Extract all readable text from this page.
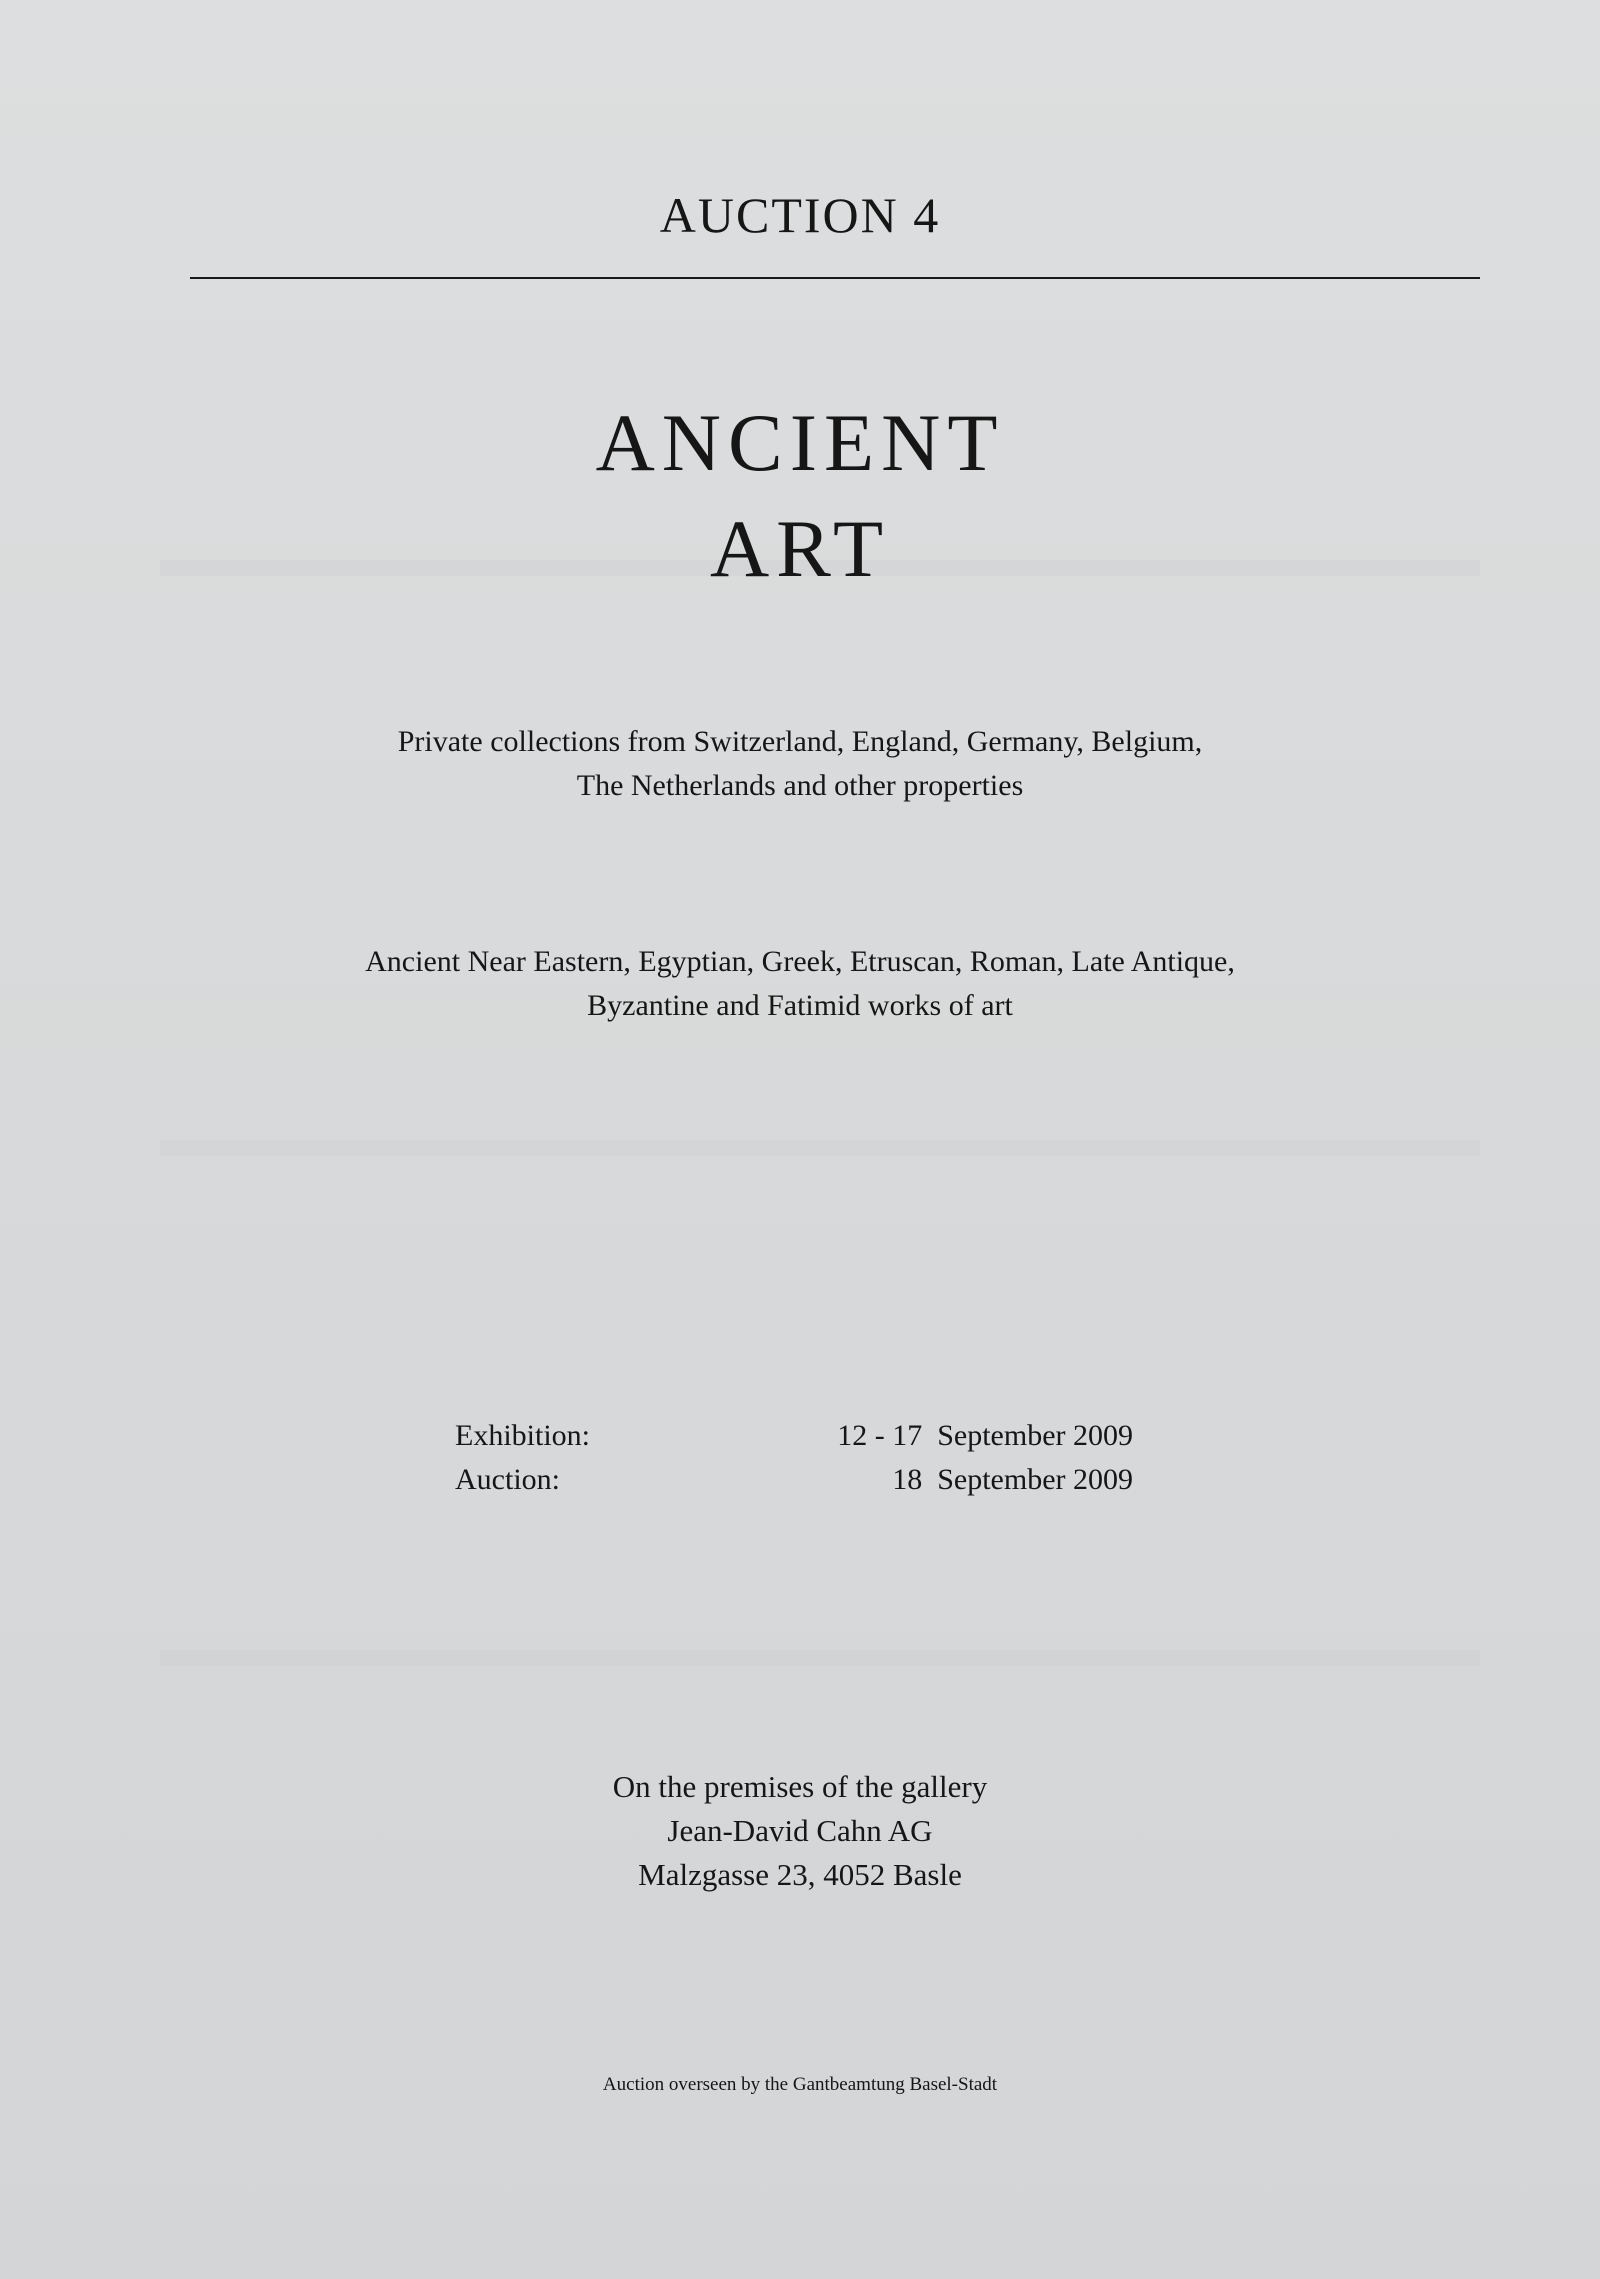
AUCTION 4
ANCIENT
ART
Private collections from Switzerland, England, Germany, Belgium,
The Netherlands and other properties
Ancient Near Eastern, Egyptian, Greek, Etruscan, Roman, Late Antique,
Byzantine and Fatimid works of art
Exhibition:	12 - 17  September 2009
Auction:	18  September 2009
On the premises of the gallery
Jean-David Cahn AG
Malzgasse 23, 4052 Basle
Auction overseen by the Gantbeamtung Basel-Stadt
